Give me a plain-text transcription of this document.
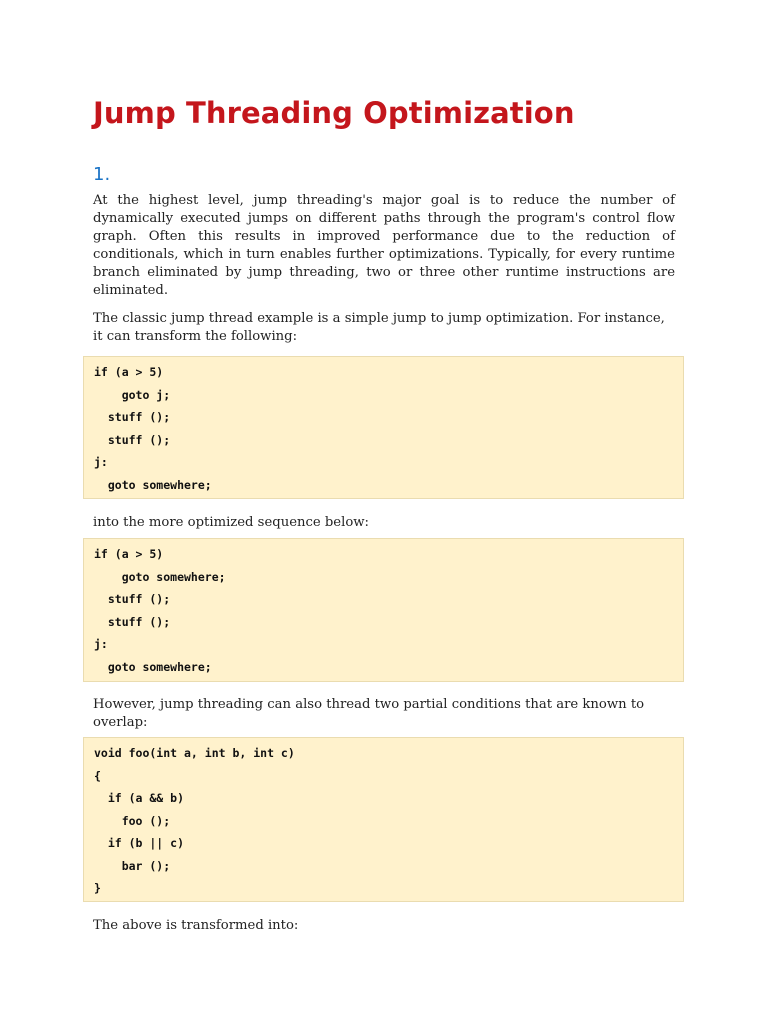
Jump Threading Optimization
1.

At the highest level, jump threading's major goal is to reduce the number of dynamically executed jumps on different paths through the program's control flow graph. Often this results in improved performance due to the reduction of conditionals, which in turn enables further optimizations. Typically, for every runtime branch eliminated by jump threading, two or three other runtime instructions are eliminated.

The classic jump thread example is a simple jump to jump optimization. For instance, it can transform the following:

if (a > 5)
goto j;
stuff ();
stuff ();
j:
goto somewhere;

into the more optimized sequence below:

if (a > 5)
goto somewhere;
stuff ();
stuff ();
j:
goto somewhere;

However, jump threading can also thread two partial conditions that are known to overlap:

void foo(int a, int b, int c)
{
if (a && b)
foo ();
if (b || c)
bar ();
}

The above is transformed into:
